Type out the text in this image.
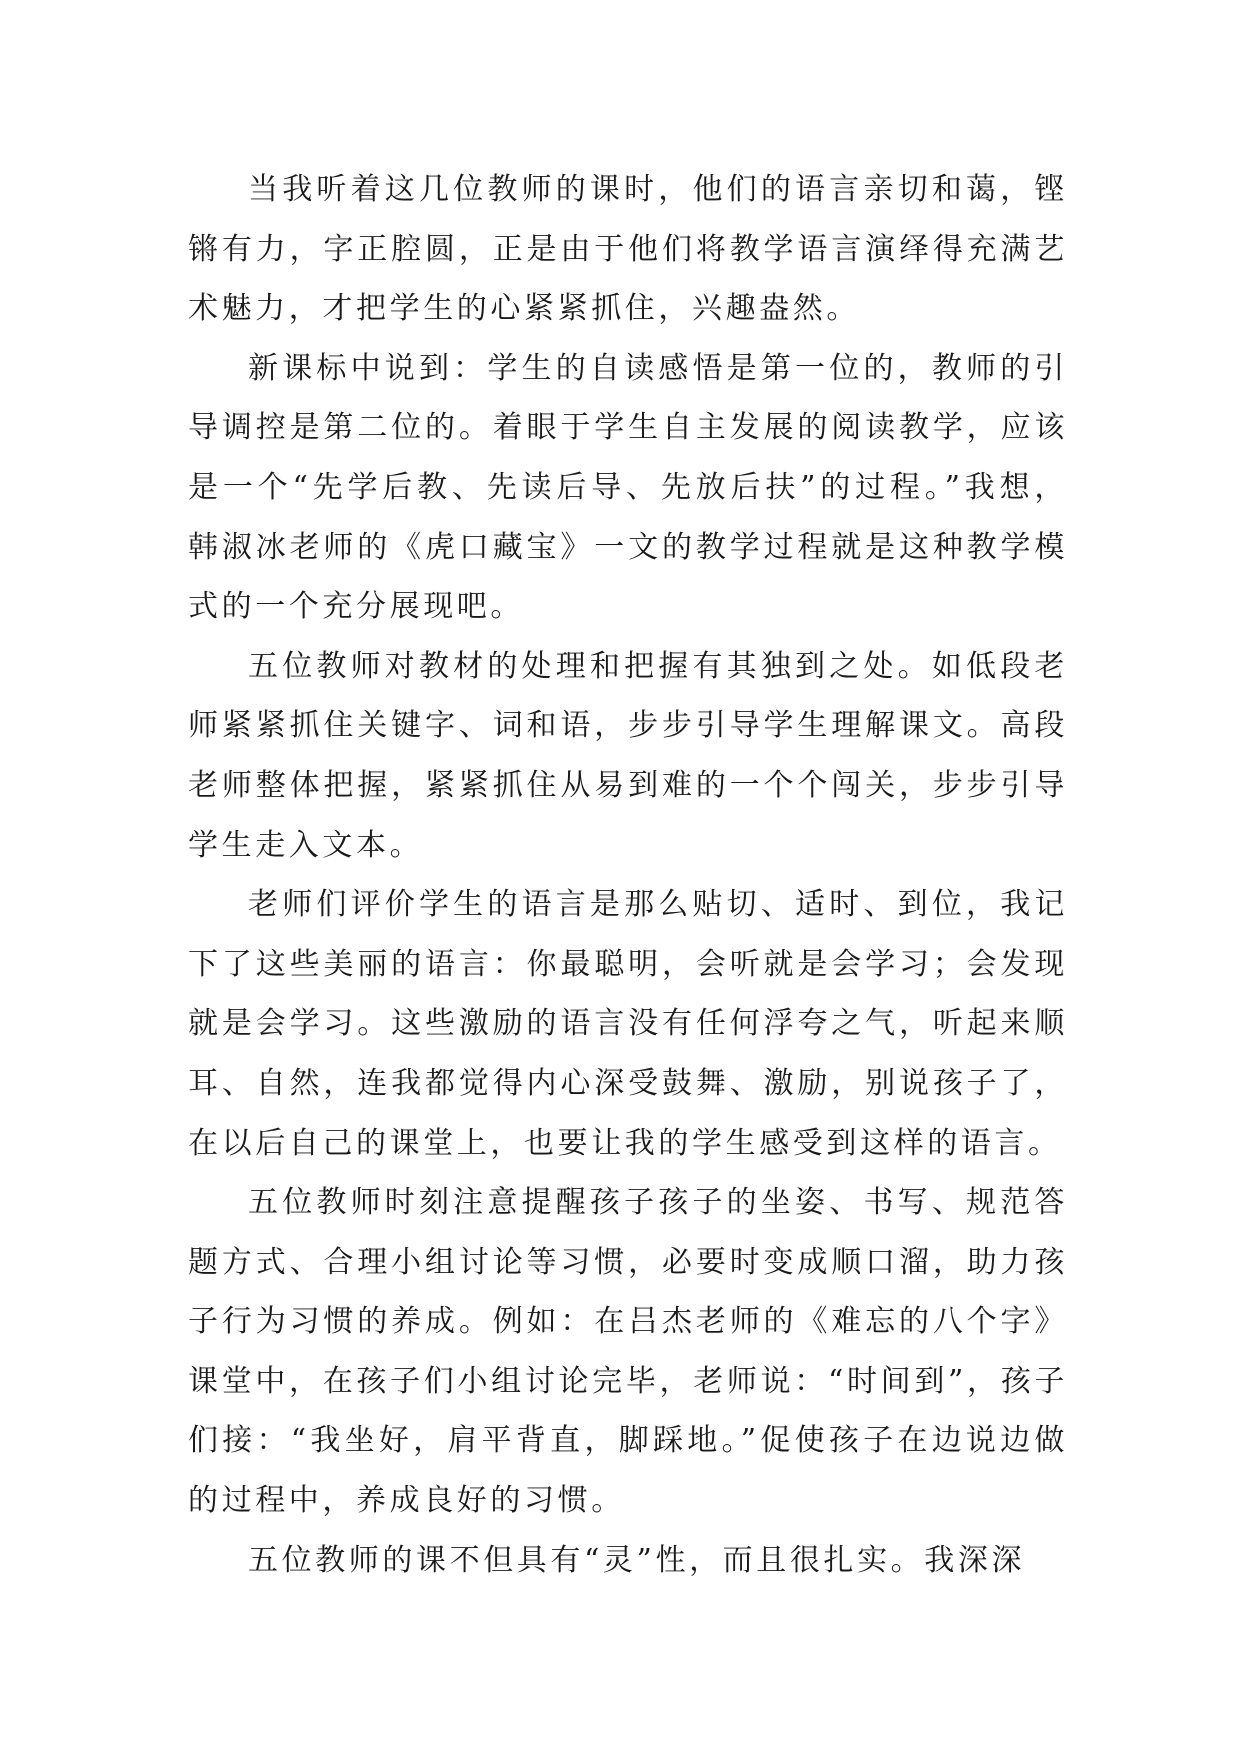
当我听着这几位教师的课时，他们的语言亲切和蔼，铿锵有力，字正腔圆，正是由于他们将教学语言演绎得充满艺术魅力，才把学生的心紧紧抓住，兴趣盎然。

新课标中说到：学生的自读感悟是第一位的，教师的引导调控是第二位的。着眼于学生自主发展的阅读教学，应该是一个“先学后教、先读后导、先放后扶”的过程。”我想，韩淑冰老师的《虎口藏宝》一文的教学过程就是这种教学模式的一个充分展现吧。

五位教师对教材的处理和把握有其独到之处。如低段老师紧紧抓住关键字、词和语，步步引导学生理解课文。高段老师整体把握，紧紧抓住从易到难的一个个闯关，步步引导学生走入文本。

老师们评价学生的语言是那么贴切、适时、到位，我记下了这些美丽的语言：你最聪明，会听就是会学习；会发现就是会学习。这些激励的语言没有任何浮夸之气，听起来顺耳、自然，连我都觉得内心深受鼓舞、激励，别说孩子了，在以后自己的课堂上，也要让我的学生感受到这样的语言。

五位教师时刻注意提醒孩子孩子的坐姿、书写、规范答题方式、合理小组讨论等习惯，必要时变成顺口溜，助力孩子行为习惯的养成。例如：在吕杰老师的《难忘的八个字》课堂中，在孩子们小组讨论完毕，老师说：“时间到”，孩子们接：“我坐好，肩平背直，脚踩地。”促使孩子在边说边做的过程中，养成良好的习惯。

五位教师的课不但具有“灵”性，而且很扎实。我深深
